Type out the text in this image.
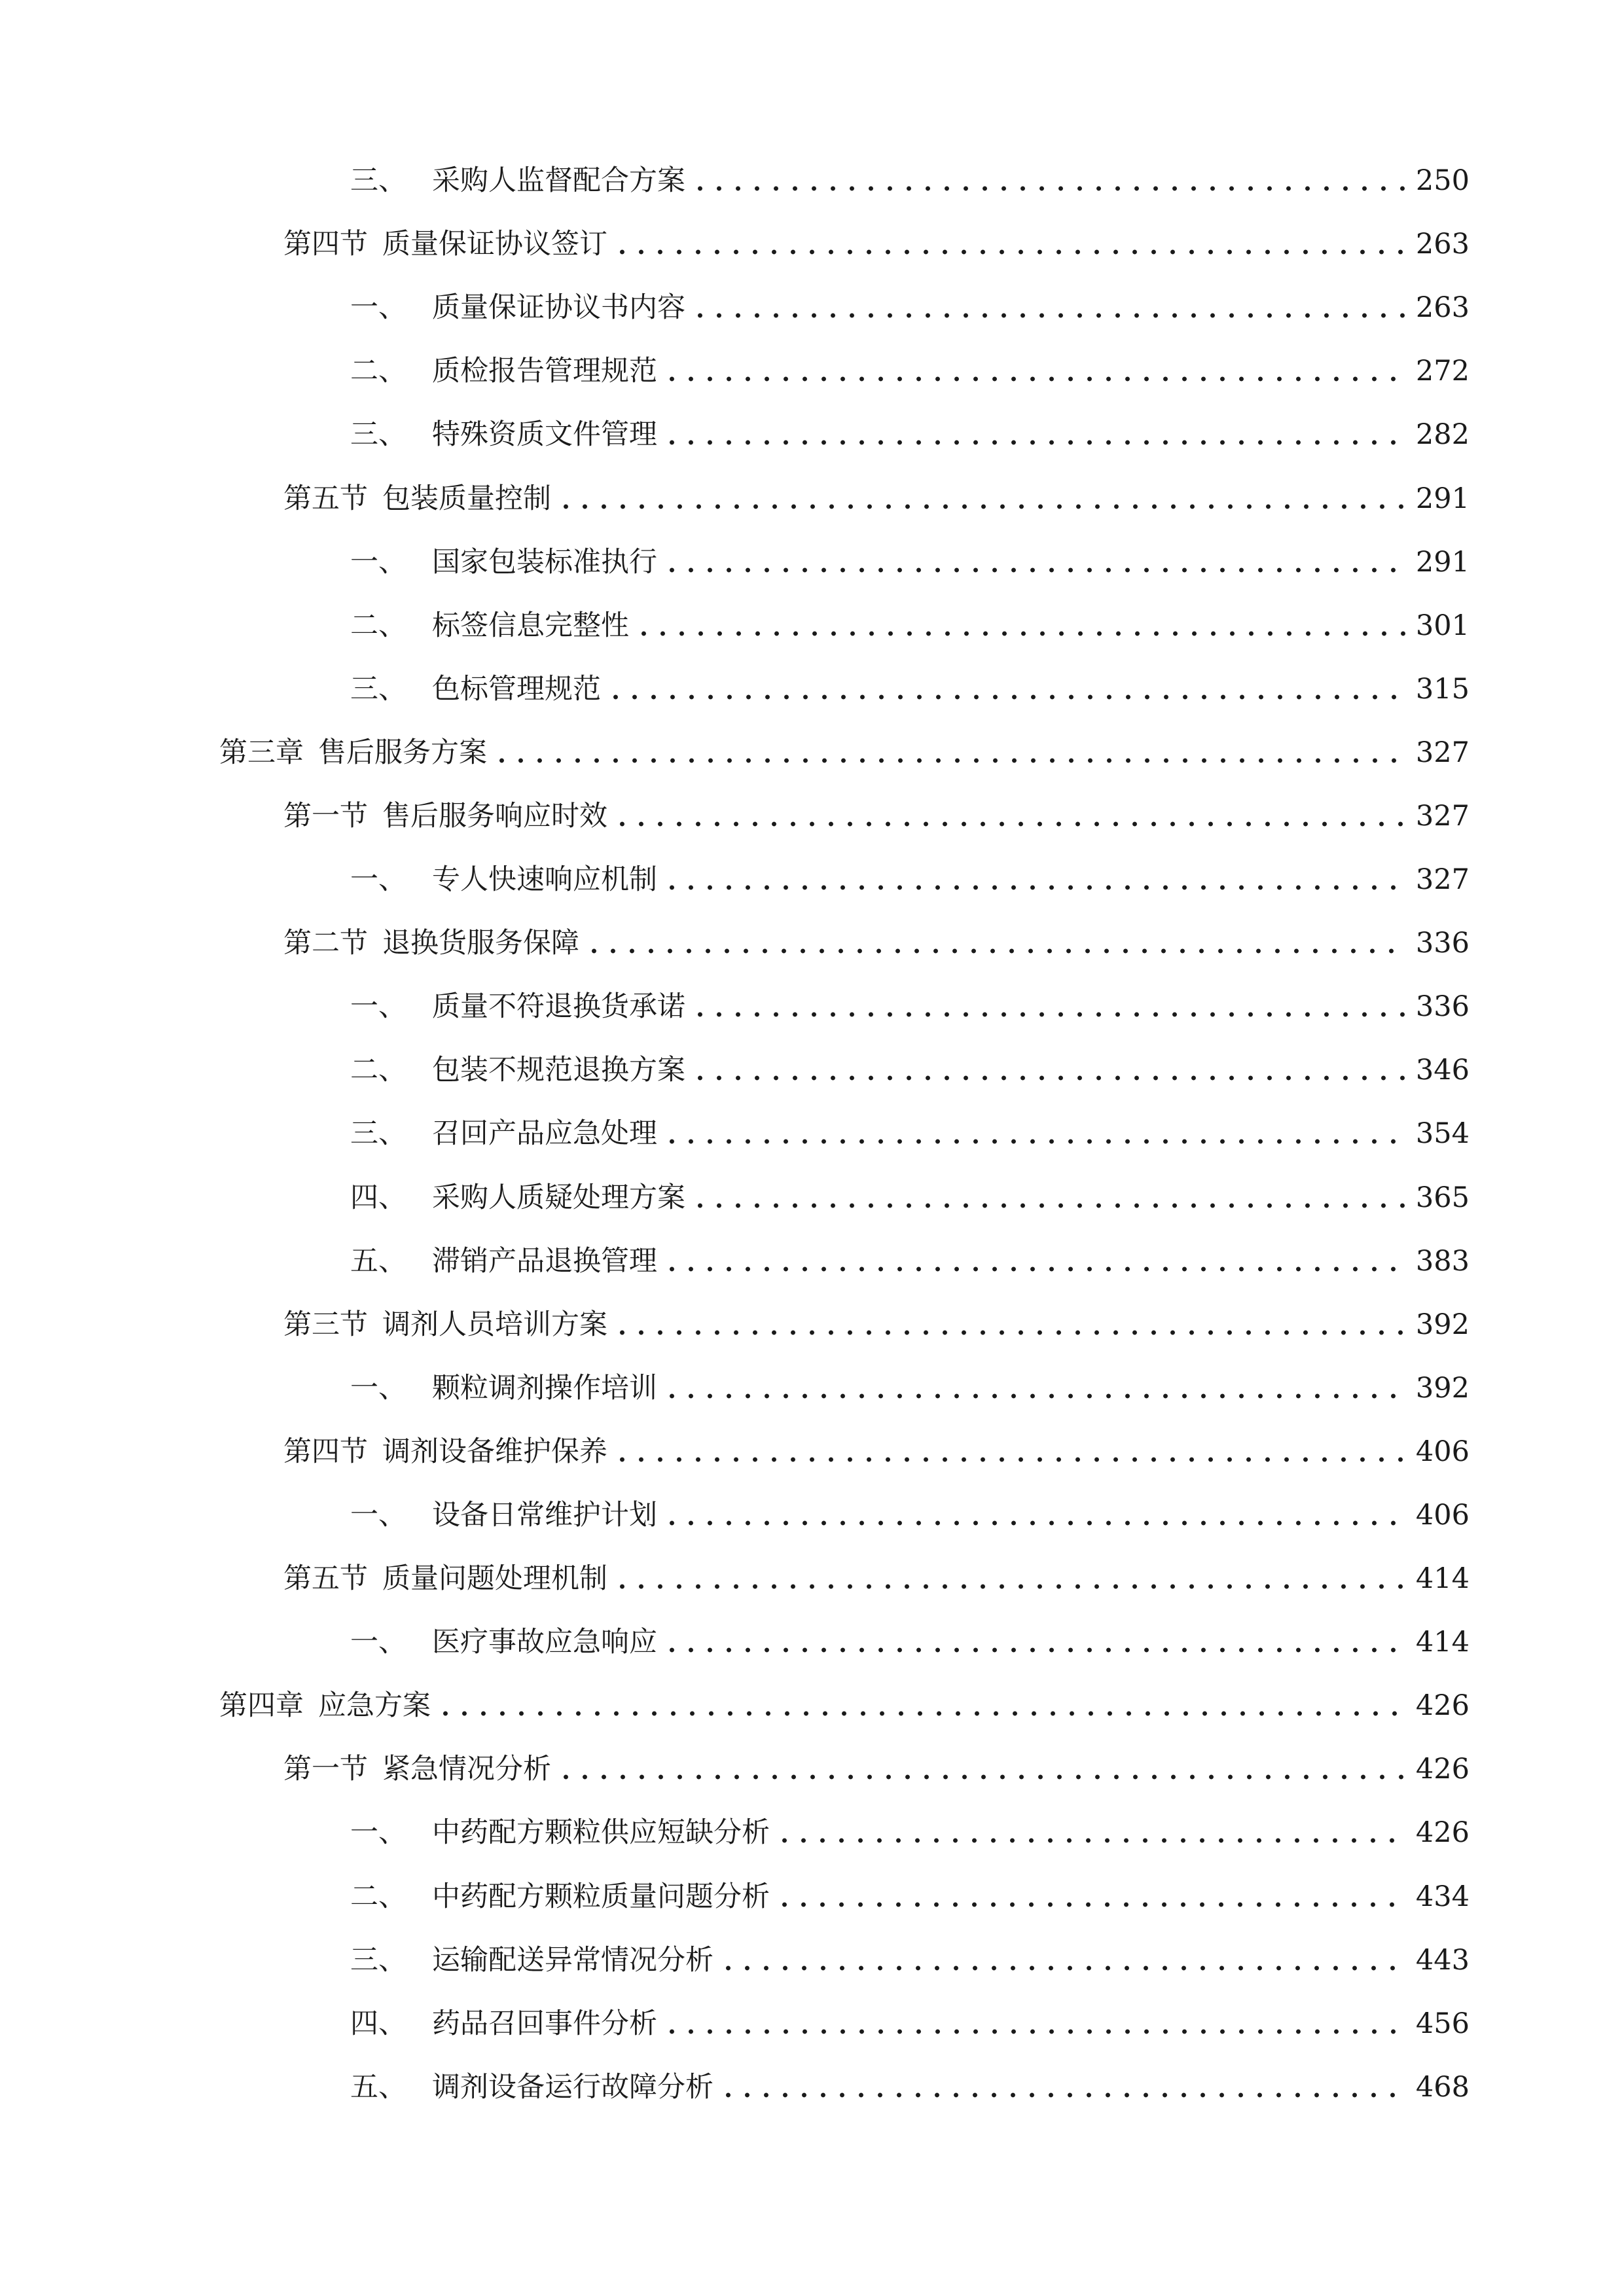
三、 采购人监督配合方案	250
第四节 质量保证协议签订	263
一、 质量保证协议书内容	263
二、 质检报告管理规范	272
三、 特殊资质文件管理	282
第五节 包装质量控制	291
一、 国家包装标准执行	291
二、 标签信息完整性	301
三、 色标管理规范	315
第三章 售后服务方案	327
第一节 售后服务响应时效	327
一、 专人快速响应机制	327
第二节 退换货服务保障	336
一、 质量不符退换货承诺	336
二、 包装不规范退换方案	346
三、 召回产品应急处理	354
四、 采购人质疑处理方案	365
五、 滞销产品退换管理	383
第三节 调剂人员培训方案	392
一、 颗粒调剂操作培训	392
第四节 调剂设备维护保养	406
一、 设备日常维护计划	406
第五节 质量问题处理机制	414
一、 医疗事故应急响应	414
第四章 应急方案	426
第一节 紧急情况分析	426
一、 中药配方颗粒供应短缺分析	426
二、 中药配方颗粒质量问题分析	434
三、 运输配送异常情况分析	443
四、 药品召回事件分析	456
五、 调剂设备运行故障分析	468
